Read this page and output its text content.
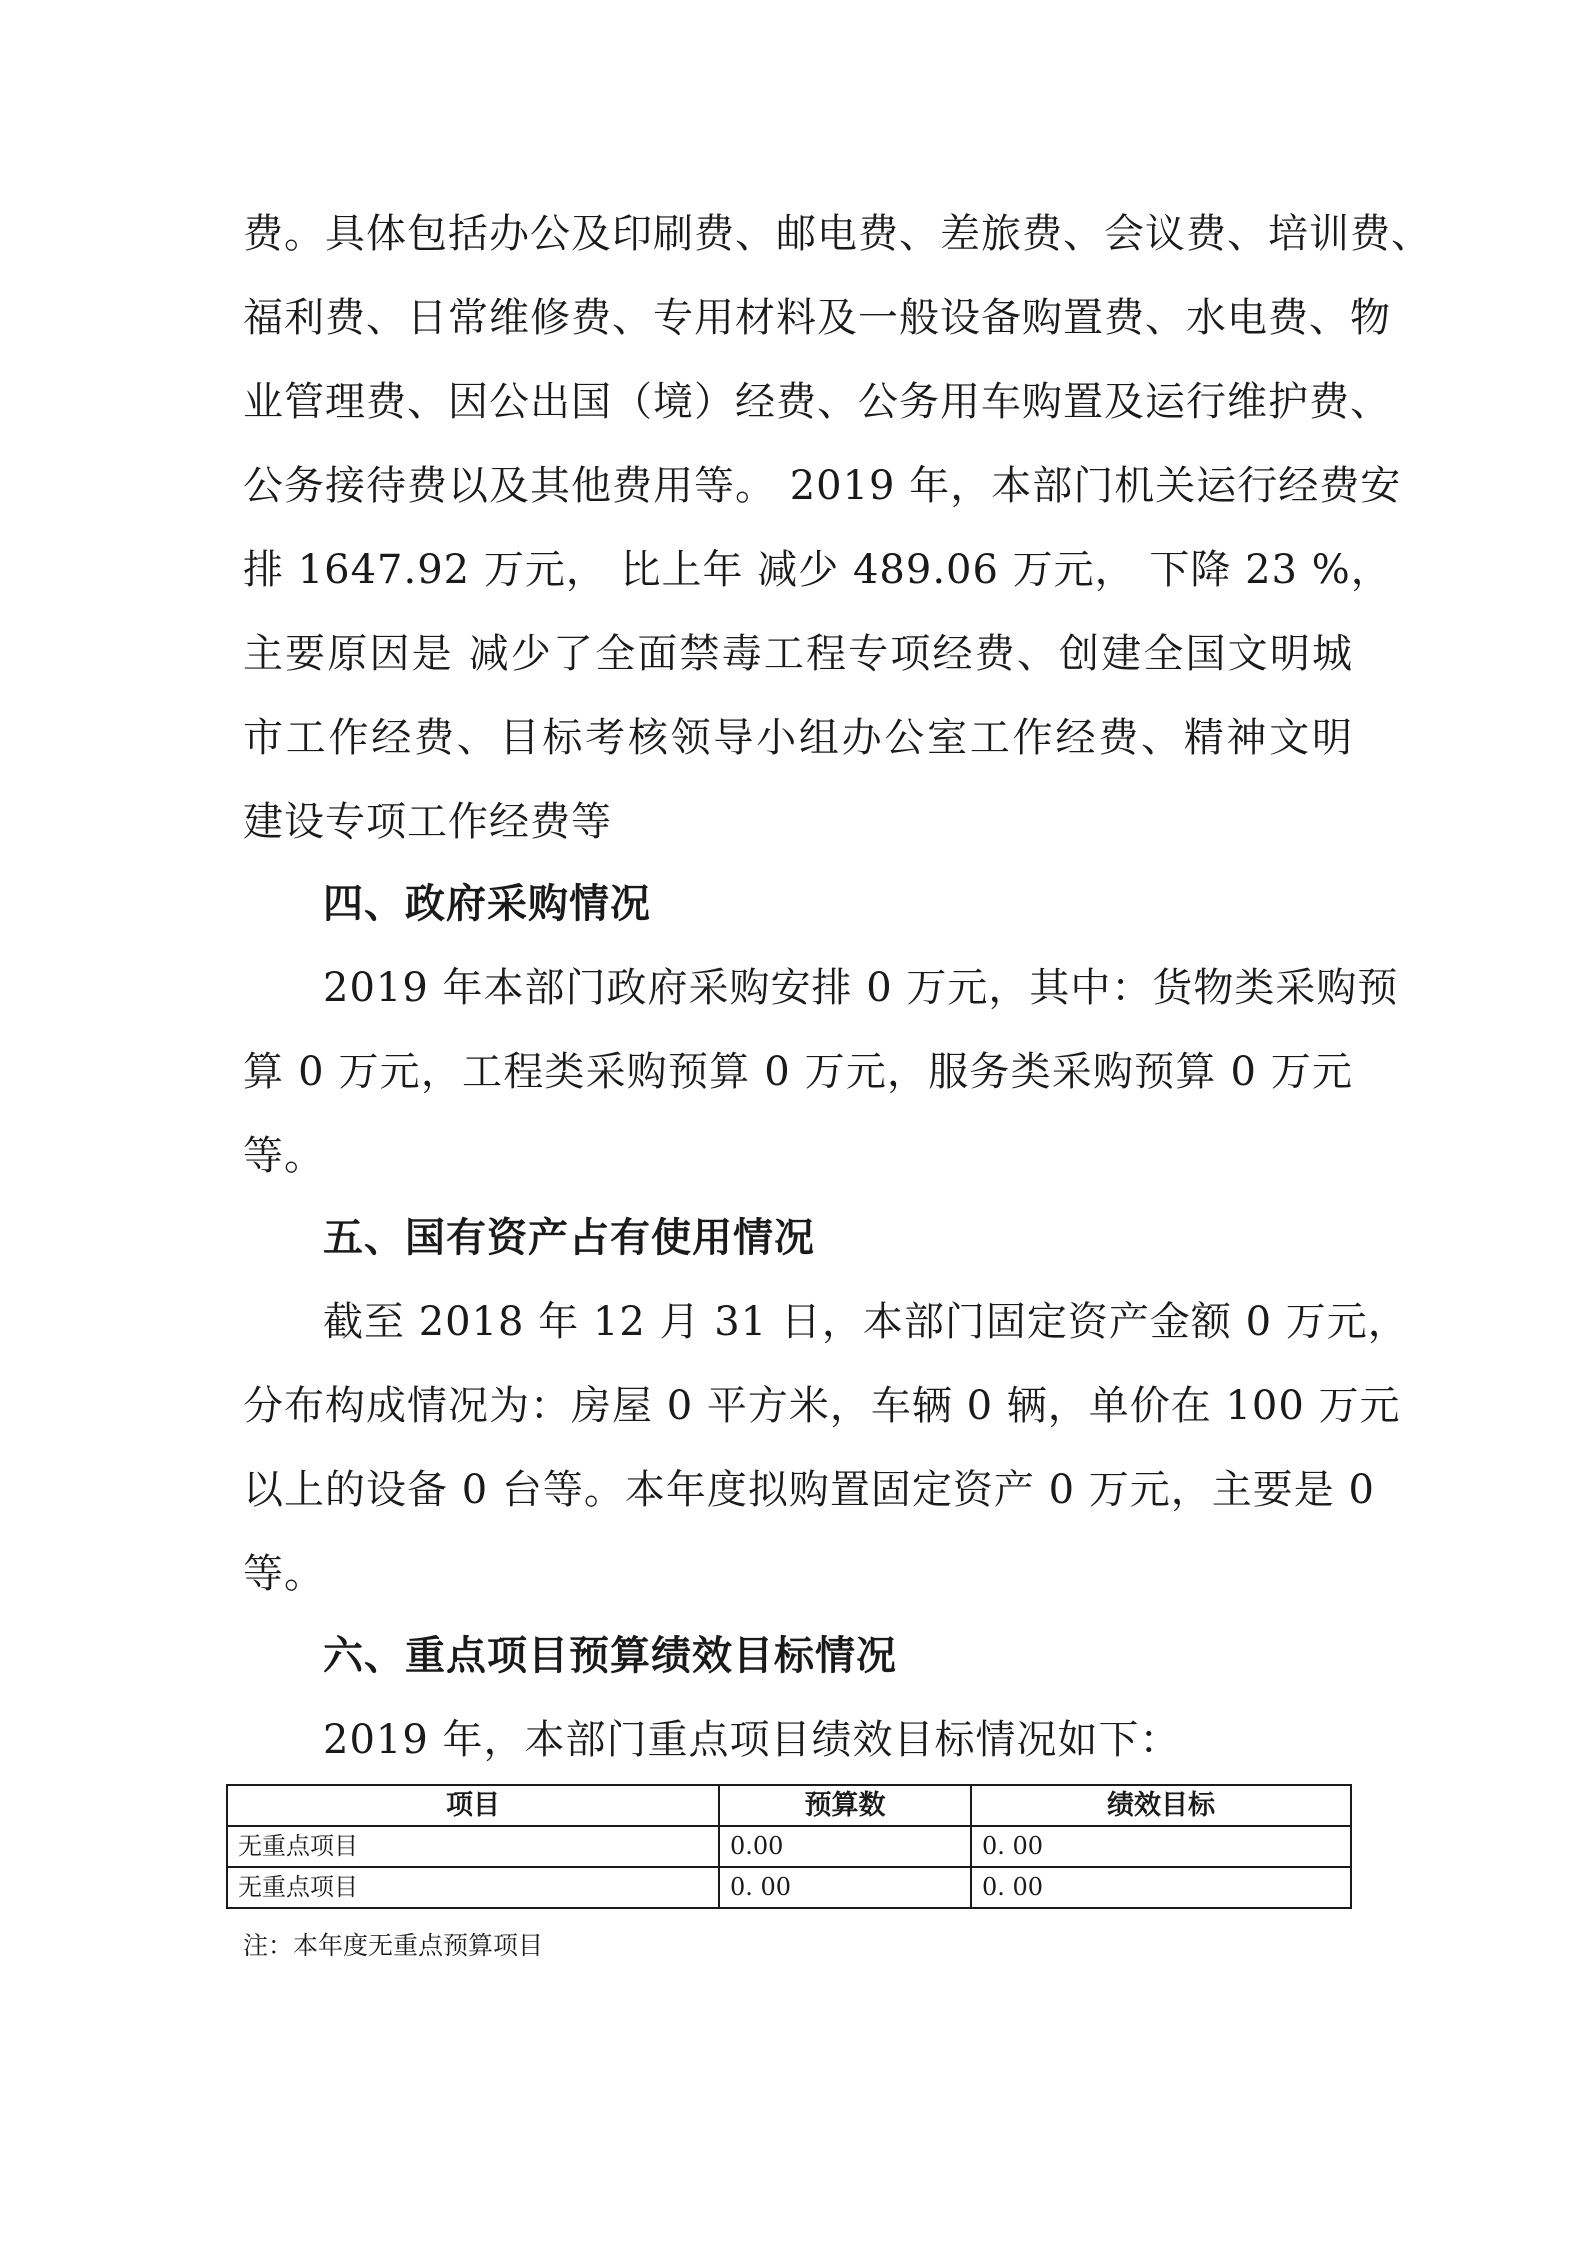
费。具体包括办公及印刷费、邮电费、差旅费、会议费、培训费、
福利费、日常维修费、专用材料及一般设备购置费、水电费、物
业管理费、因公出国（境）经费、公务用车购置及运行维护费、
公务接待费以及其他费用等。 2019 年，本部门机关运行经费安
排 1647.92 万元， 比上年 减少 489.06 万元， 下降 23 %，
主要原因是 减少了全面禁毒工程专项经费、创建全国文明城
市工作经费、目标考核领导小组办公室工作经费、精神文明
建设专项工作经费等
四、政府采购情况
2019 年本部门政府采购安排 0 万元，其中：货物类采购预
算 0 万元，工程类采购预算 0 万元，服务类采购预算 0 万元
等。
五、国有资产占有使用情况
截至 2018 年 12 月 31 日，本部门固定资产金额 0 万元，
分布构成情况为：房屋 0 平方米，车辆 0 辆，单价在 100 万元
以上的设备 0 台等。本年度拟购置固定资产 0 万元，主要是 0
等。
六、重点项目预算绩效目标情况
2019 年，本部门重点项目绩效目标情况如下：
项目	预算数	绩效目标
无重点项目	0.00	0. 00
无重点项目	0. 00	0. 00
注：本年度无重点预算项目
